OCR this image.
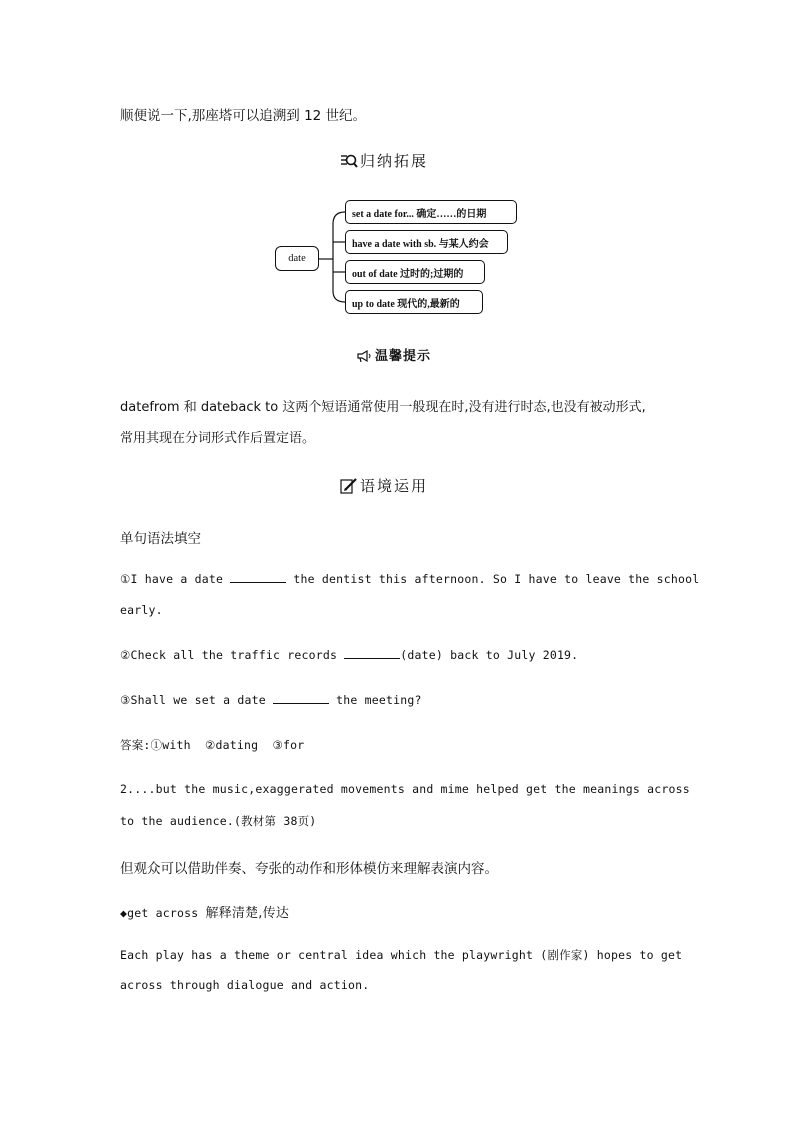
顺便说一下,那座塔可以追溯到 12 世纪。
归纳拓展
date
set a date for... 确定……的日期
have a date with sb. 与某人约会
out of date 过时的;过期的
up to date 现代的,最新的
温馨提示
datefrom 和 dateback to 这两个短语通常使用一般现在时,没有进行时态,也没有被动形式,
常用其现在分词形式作后置定语。
语境运用
单句语法填空
①I have a date	the dentist this afternoon. So I have to leave the school
early.
②Check all the traffic records	(date) back to July 2019.
③Shall we set a date	the meeting?
答案:①with  ②dating  ③for
2....but the music,exaggerated movements and mime helped get the meanings across
to the audience.(教材第 38页)
但观众可以借助伴奏、夸张的动作和形体模仿来理解表演内容。
◆get across 解释清楚,传达
Each play has a theme or central idea which the playwright (剧作家) hopes to get
across through dialogue and action.
